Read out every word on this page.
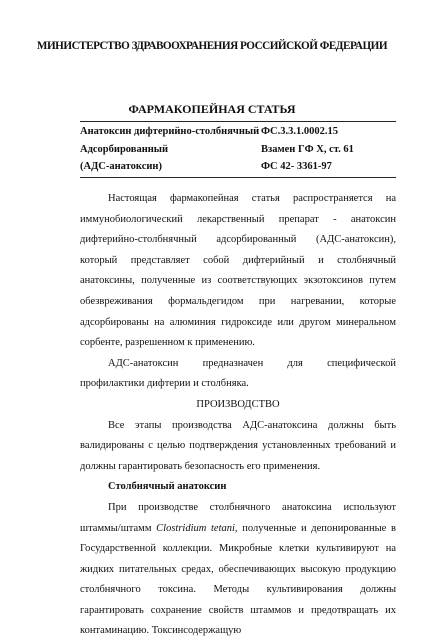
МИНИСТЕРСТВО ЗДРАВООХРАНЕНИЯ РОССИЙСКОЙ ФЕДЕРАЦИИ
ФАРМАКОПЕЙНАЯ СТАТЬЯ
Анатоксин дифтерийно-столбнячный ФС.3.3.1.0002.15
Адсорбированный	Взамен ГФ Х, ст. 61
(АДС-анатоксин)	ФС 42- 3361-97

Настоящая фармакопейная статья распространяется на иммунобиологический лекарственный препарат - анатоксин дифтерийно-столбнячный адсорбированный (АДС-анатоксин), который представляет собой дифтерийный и столбнячный анатоксины, полученные из соответствующих экзотоксинов путем обезвреживания формальдегидом при нагревании, которые адсорбированы на алюминия гидроксиде или другом минеральном сорбенте, разрешенном к применению.

АДС-анатоксин предназначен для специфической профилактики дифтерии и столбняка.

ПРОИЗВОДСТВО

Все этапы производства АДС-анатоксина должны быть валидированы с целью подтверждения установленных требований и должны гарантировать безопасность его применения.

Столбнячный анатоксин

При производстве столбнячного анатоксина используют штаммы/штамм Clostridium tetani, полученные и депонированные в Государственной коллекции. Микробные клетки культивируют на жидких питательных средах, обеспечивающих высокую продукцию столбнячного токсина. Методы культивирования должны гарантировать сохранение свойств штаммов и предотвращать их контаминацию. Токсинсодержащую
